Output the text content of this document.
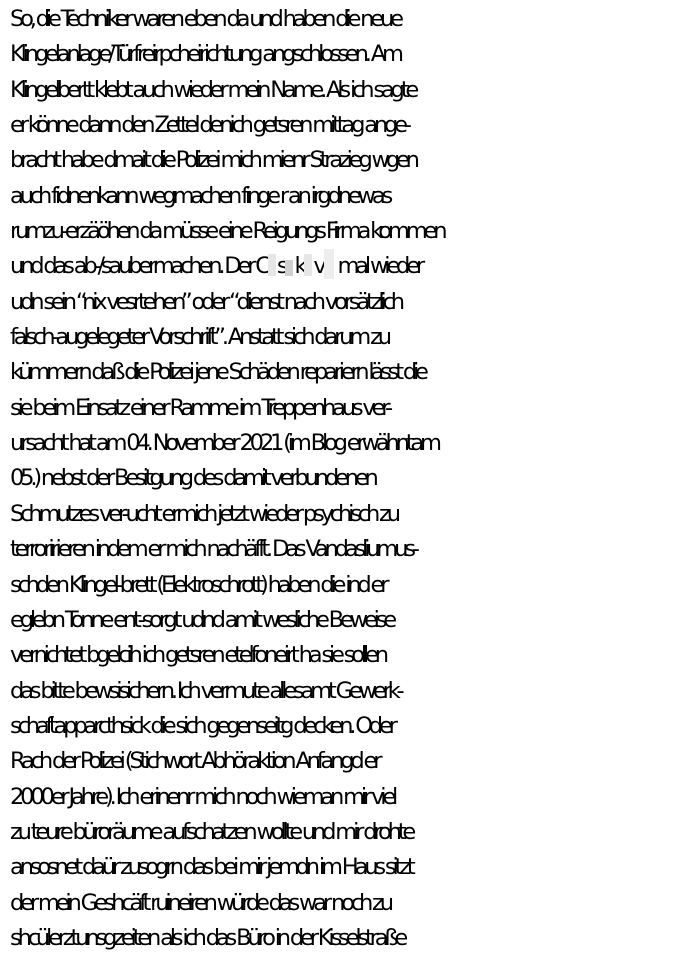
So, die Techniker waren eben da und haben die neue
Klingelanlage/Türfreirpcheirichtung angschlossen. Am
Klingelbertt klebt auch wieder mein Name. Als ich sagte
er könne dann den Zettel denich getsren mittag ange-
bracht habe dmait die Polizei mich mienr Strazieg wgen
auch fidnenkann wegmachen finge r an irgdnewas
rumzu-erzäöhen da müsse eine Reigungs Firma kommen
und das ab-/saubermachen. Der C s k v mal wieder
udn sein “nix vesrtehen” oder “dienst nach vorsätzlich
falsch-augelegeter Vorschrift”. Anstatt sich darum zu
kümmern daß die Polizei jene Schäden repariern lässt die
sie beim Einsatz einer Ramme im Treppenhaus ver-
ursacht hat am 04. November 2021 (im Blog erwähntam
05.) nebst der Besitgung des damit verbundenen
Schmutzes ver-ucht ermich jetzt wieder psychisch zu
terroririeren indem er mich nachäfft. Das Vandasliumus-
schden Klingel-brett (Elektroschrott) haben die ind er
eglebn Tonne ent-sorgt udnd amit wesliche Beweise
vernichtet bgelcih ich getsren etelfoneirt ha sie sollen
das bitte bewsisichern. Ich vermute allesamt Gewerk-
schaftapparcthsick die sich gegenseitg decken. Oder
Rach der Polizei (Stichwort Abhöraktion Anfangd er
2000er Jahre). Ich erinenr mich noch wieman mir viel
zu teure büroräume aufschatzen wollte und mir drohte
ansosnet daür zusogrn das bei mir jemdn im Haus sitzt
der mein Geshcäft ruineiren würde das war noch zu
shcülerztunsgzeiten als ich das Büro in der Kisselstraße
